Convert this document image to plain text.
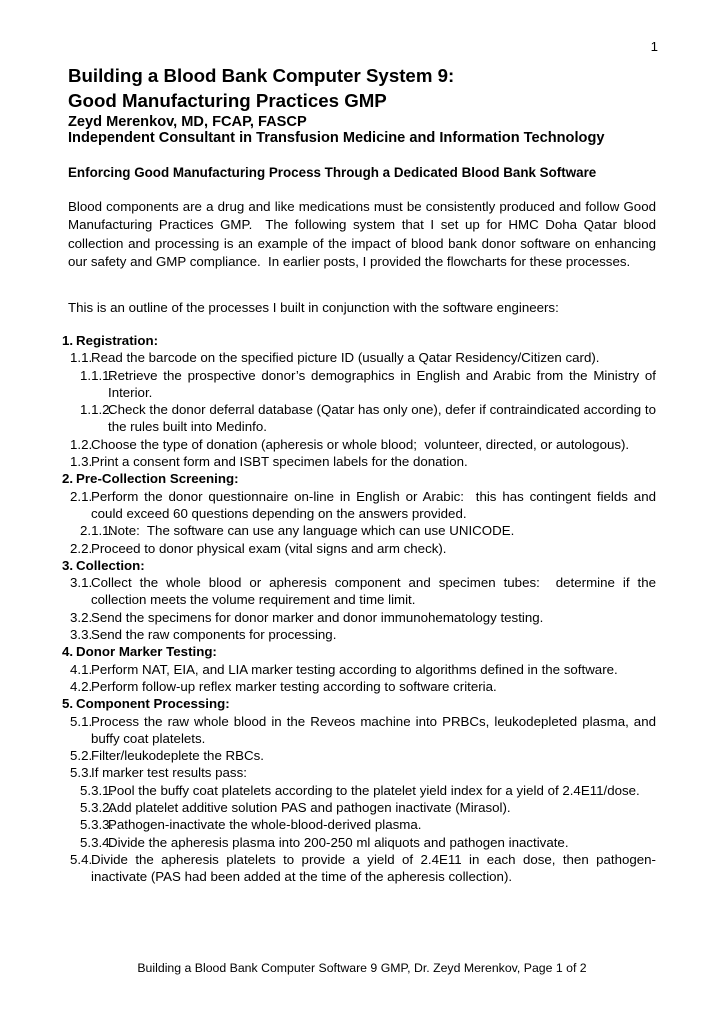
1
Building a Blood Bank Computer System 9:
Good Manufacturing Practices GMP
Zeyd Merenkov, MD, FCAP, FASCP
Independent Consultant in Transfusion Medicine and Information Technology
Enforcing Good Manufacturing Process Through a Dedicated Blood Bank Software
Blood components are a drug and like medications must be consistently produced and follow Good Manufacturing Practices GMP.  The following system that I set up for HMC Doha Qatar blood collection and processing is an example of the impact of blood bank donor software on enhancing our safety and GMP compliance.  In earlier posts, I provided the flowcharts for these processes.
This is an outline of the processes I built in conjunction with the software engineers:
1. Registration:
1.1.Read the barcode on the specified picture ID (usually a Qatar Residency/Citizen card).
1.1.1.Retrieve the prospective donor’s demographics in English and Arabic from the Ministry of Interior.
1.1.2.Check the donor deferral database (Qatar has only one), defer if contraindicated according to the rules built into Medinfo.
1.2.Choose the type of donation (apheresis or whole blood;  volunteer, directed, or autologous).
1.3.Print a consent form and ISBT specimen labels for the donation.
2. Pre-Collection Screening:
2.1.Perform the donor questionnaire on-line in English or Arabic:  this has contingent fields and could exceed 60 questions depending on the answers provided.
2.1.1.Note:  The software can use any language which can use UNICODE.
2.2.Proceed to donor physical exam (vital signs and arm check).
3. Collection:
3.1.Collect the whole blood or apheresis component and specimen tubes:  determine if the collection meets the volume requirement and time limit.
3.2.Send the specimens for donor marker and donor immunohematology testing.
3.3.Send the raw components for processing.
4. Donor Marker Testing:
4.1.Perform NAT, EIA, and LIA marker testing according to algorithms defined in the software.
4.2.Perform follow-up reflex marker testing according to software criteria.
5. Component Processing:
5.1.Process the raw whole blood in the Reveos machine into PRBCs, leukodepleted plasma, and buffy coat platelets.
5.2.Filter/leukodeplete the RBCs.
5.3.If marker test results pass:
5.3.1.Pool the buffy coat platelets according to the platelet yield index for a yield of 2.4E11/dose.
5.3.2.Add platelet additive solution PAS and pathogen inactivate (Mirasol).
5.3.3.Pathogen-inactivate the whole-blood-derived plasma.
5.3.4.Divide the apheresis plasma into 200-250 ml aliquots and pathogen inactivate.
5.4.Divide the apheresis platelets to provide a yield of 2.4E11 in each dose, then pathogen-inactivate (PAS had been added at the time of the apheresis collection).
Building a Blood Bank Computer Software 9 GMP, Dr. Zeyd Merenkov, Page 1 of 2
